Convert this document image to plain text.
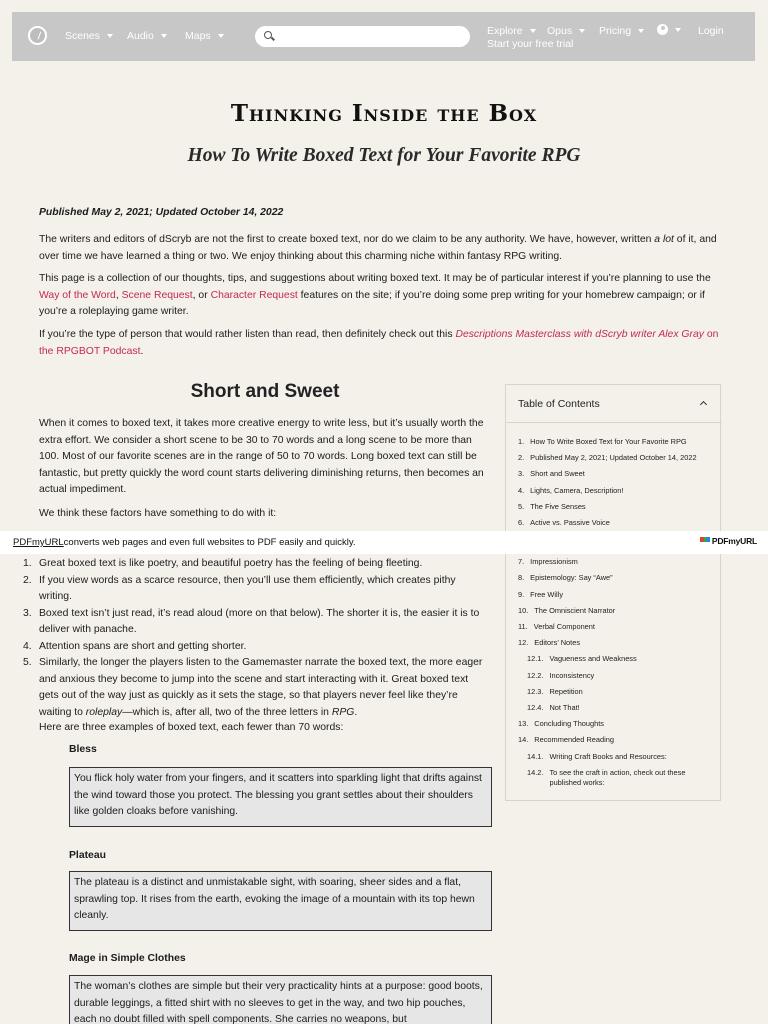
Scenes	Audio	Maps	Explore Opus	Pricing	Login
Start your free trial
Thinking Inside the Box
How To Write Boxed Text for Your Favorite RPG
Published May 2, 2021; Updated October 14, 2022

The writers and editors of dScryb are not the first to create boxed text, nor do we claim to be any authority. We have, however, written a lot of it, and over time we have learned a thing or two. We enjoy thinking about this charming niche within fantasy RPG writing.

This page is a collection of our thoughts, tips, and suggestions about writing boxed text. It may be of particular interest if you’re planning to use the Way of the Word, Scene Request, or Character Request features on the site; if you’re doing some prep writing for your homebrew campaign; or if you’re a roleplaying game writer.

If you’re the type of person that would rather listen than read, then definitely check out this Descriptions Masterclass with dScryb writer Alex Gray on the RPGBOT Podcast.

Short and Sweet

When it comes to boxed text, it takes more creative energy to write less, but it’s usually worth the extra effort. We consider a short scene to be 30 to 70 words and a long scene to be more than 100. Most of our favorite scenes are in the range of 50 to 70 words. Long boxed text can still be fantastic, but pretty quickly the word count starts delivering diminishing returns, then becomes an actual impediment.

We think these factors have something to do with it:

Table of Contents
1. How To Write Boxed Text for Your Favorite RPG
2. Published May 2, 2021; Updated October 14, 2022
3. Short and Sweet
4. Lights, Camera, Description!
5. The Five Senses
6. Active vs. Passive Voice
7. Impressionism
8. Epistemology: Say “Awe”
9. Free Willy
10. The Omniscient Narrator
11. Verbal Component
12. Editors’ Notes
12.1. Vagueness and Weakness
12.2. Inconsistency
12.3. Repetition
12.4. Not That!
13. Concluding Thoughts
14. Recommended Reading
14.1. Writing Craft Books and Resources:
14.2. To see the craft in action, check out these published works:
PDFmyURL converts web pages and even full websites to PDF easily and quickly.	PDFmyURL
1. Great boxed text is like poetry, and beautiful poetry has the feeling of being fleeting.
2. If you view words as a scarce resource, then you’ll use them efficiently, which creates pithy writing.
3. Boxed text isn’t just read, it’s read aloud (more on that below). The shorter it is, the easier it is to deliver with panache.
4. Attention spans are short and getting shorter.
5. Similarly, the longer the players listen to the Gamemaster narrate the boxed text, the more eager and anxious they become to jump into the scene and start interacting with it. Great boxed text gets out of the way just as quickly as it sets the stage, so that players never feel like they’re waiting to roleplay—which is, after all, two of the three letters in RPG.
Here are three examples of boxed text, each fewer than 70 words:
Bless
You flick holy water from your fingers, and it scatters into sparkling light that drifts against the wind toward those you protect. The blessing you grant settles about their shoulders like golden cloaks before vanishing.
Plateau
The plateau is a distinct and unmistakable sight, with soaring, sheer sides and a flat, sprawling top. It rises from the earth, evoking the image of a mountain with its top hewn cleanly.
Mage in Simple Clothes
The woman’s clothes are simple but their very practicality hints at a purpose: good boots, durable leggings, a fitted shirt with no sleeves to get in the way, and two hip pouches, each no doubt filled with spell components. She carries no weapons, but
